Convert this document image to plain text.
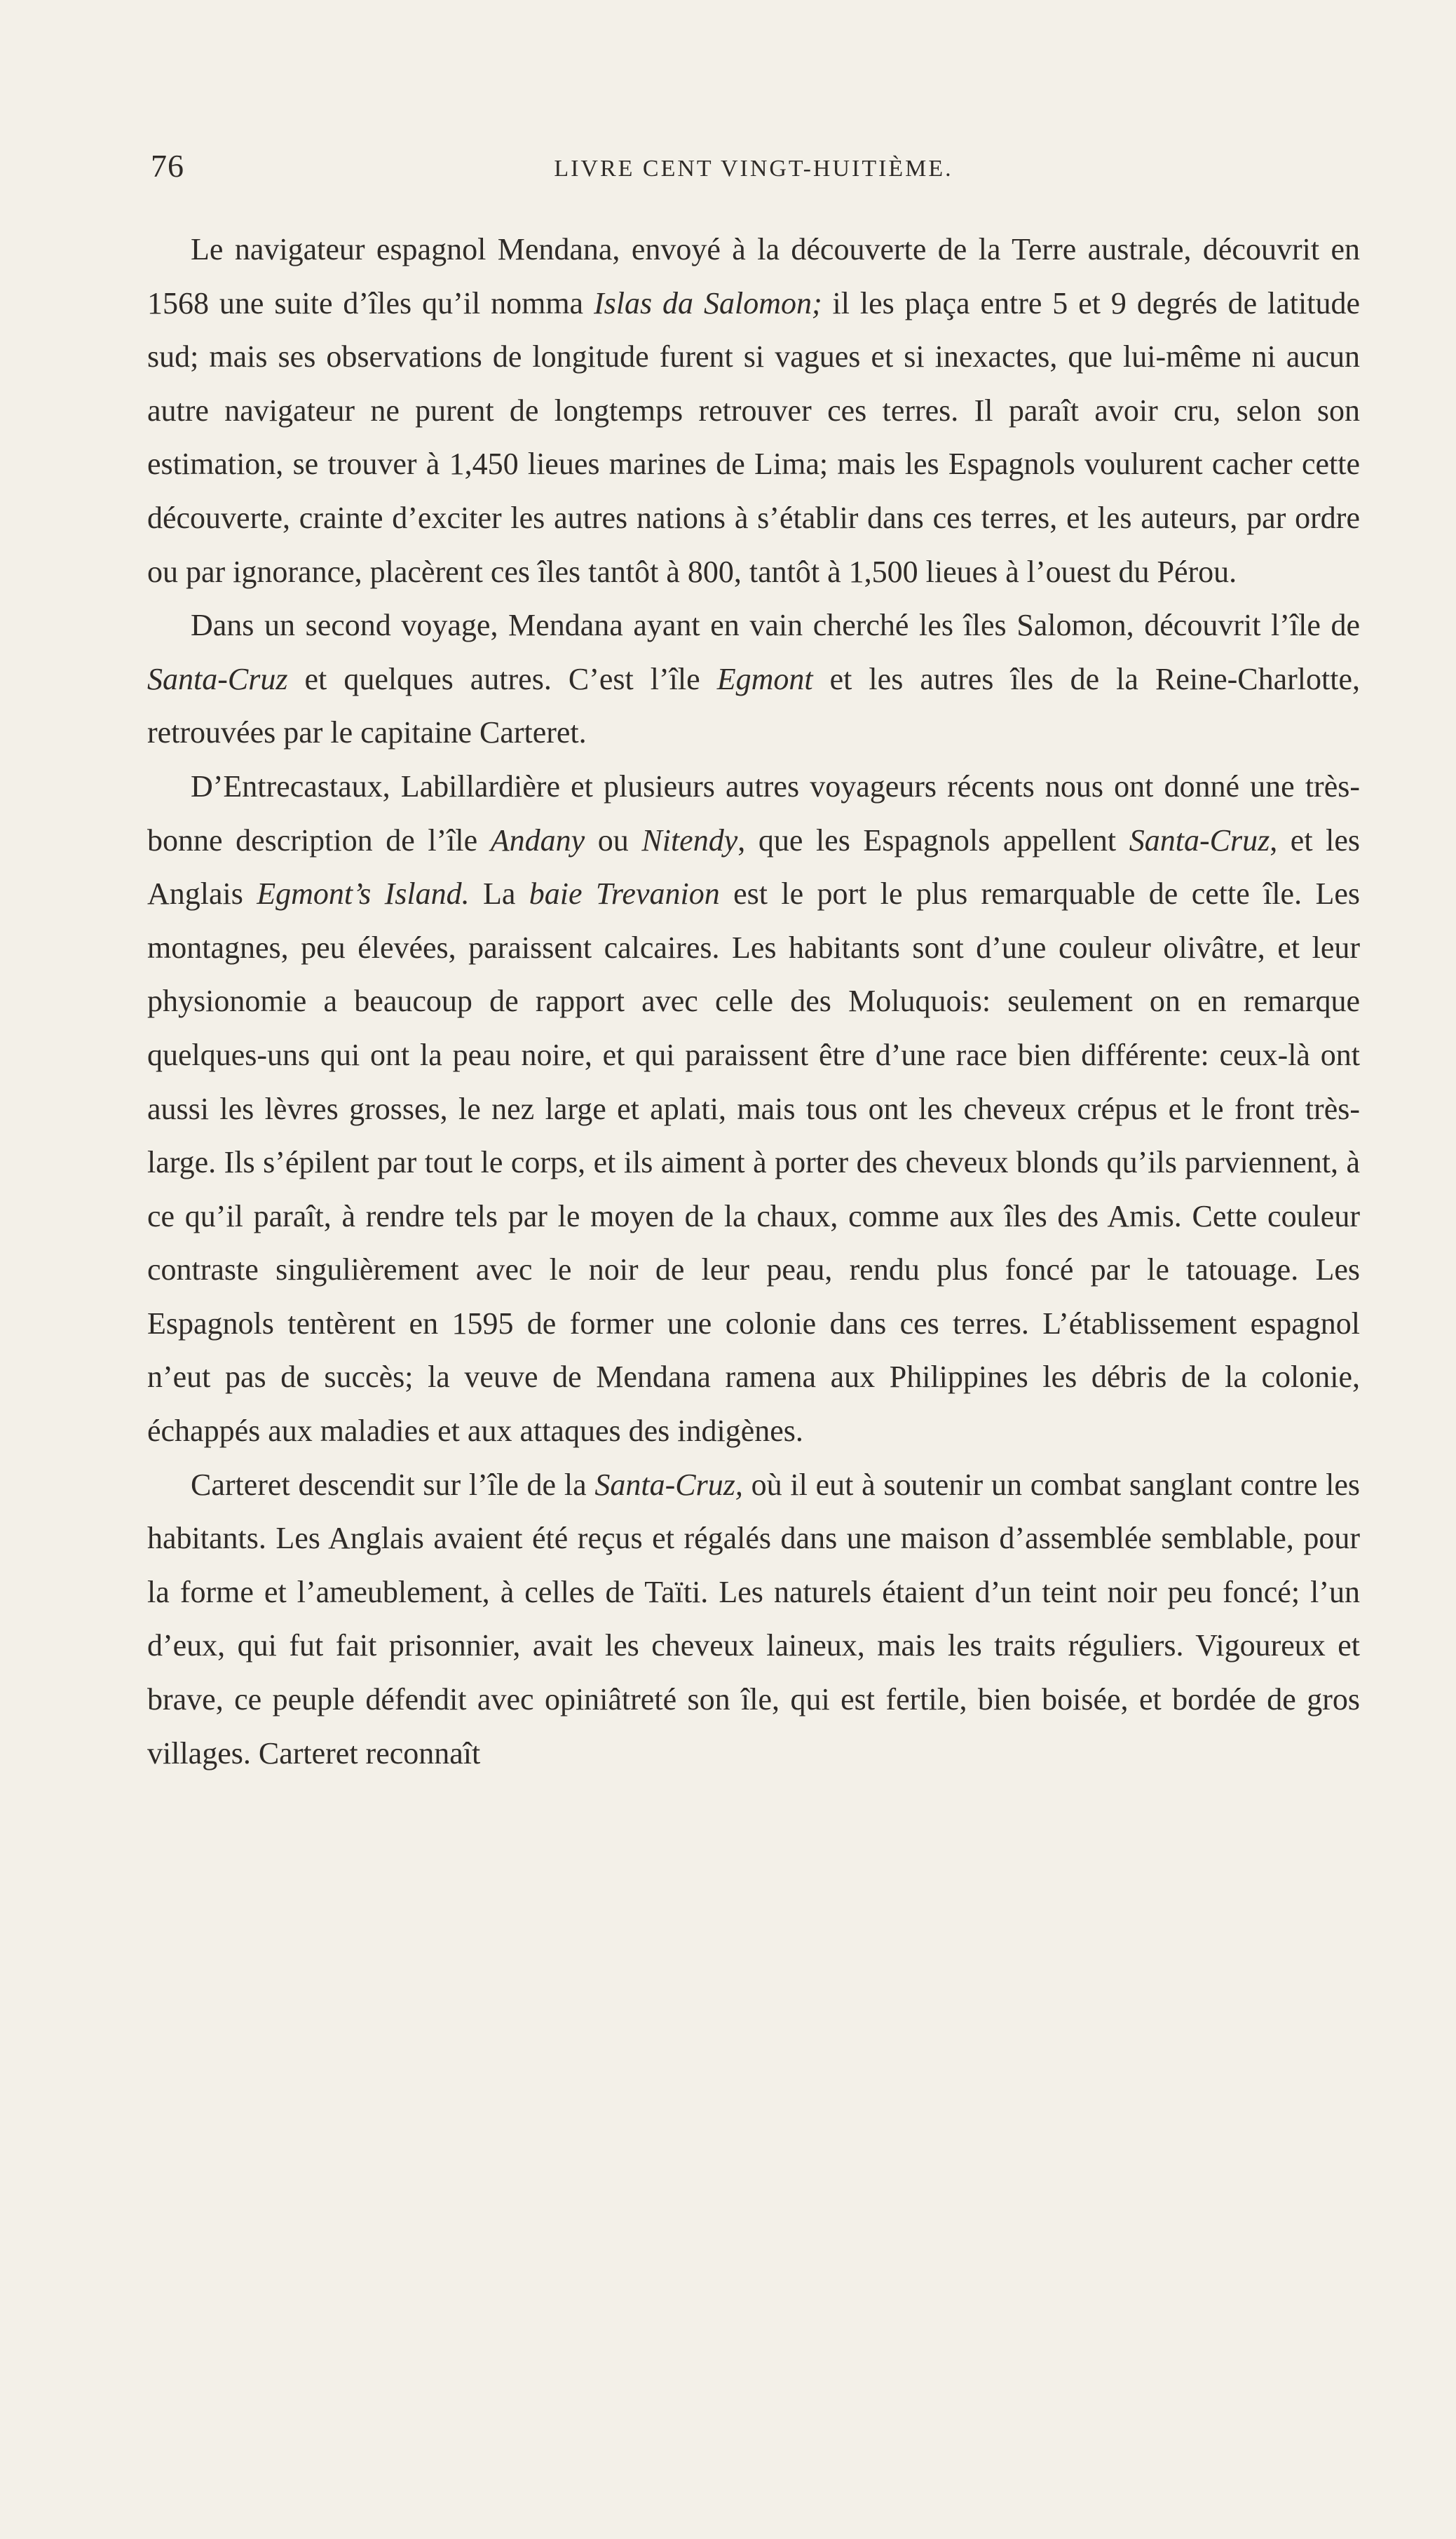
76	LIVRE CENT VINGT-HUITIÈME.

Le navigateur espagnol Mendana, envoyé à la découverte de la Terre australe, découvrit en 1568 une suite d’îles qu’il nomma Islas da Salomon; il les plaça entre 5 et 9 degrés de latitude sud; mais ses observations de longitude furent si vagues et si inexactes, que lui-même ni aucun autre navigateur ne purent de longtemps retrouver ces terres. Il paraît avoir cru, selon son estimation, se trouver à 1,450 lieues marines de Lima; mais les Espagnols voulurent cacher cette découverte, crainte d’exciter les autres nations à s’établir dans ces terres, et les auteurs, par ordre ou par ignorance, placèrent ces îles tantôt à 800, tantôt à 1,500 lieues à l’ouest du Pérou.

Dans un second voyage, Mendana ayant en vain cherché les îles Salomon, découvrit l’île de Santa-Cruz et quelques autres. C’est l’île Egmont et les autres îles de la Reine-Charlotte, retrouvées par le capitaine Carteret.

D’Entrecastaux, Labillardière et plusieurs autres voyageurs récents nous ont donné une très-bonne description de l’île Andany ou Nitendy, que les Espagnols appellent Santa-Cruz, et les Anglais Egmont’s Island. La baie Trevanion est le port le plus remarquable de cette île. Les montagnes, peu élevées, paraissent calcaires. Les habitants sont d’une couleur olivâtre, et leur physionomie a beaucoup de rapport avec celle des Moluquois: seulement on en remarque quelques-uns qui ont la peau noire, et qui paraissent être d’une race bien différente: ceux-là ont aussi les lèvres grosses, le nez large et aplati, mais tous ont les cheveux crépus et le front très-large. Ils s’épilent par tout le corps, et ils aiment à porter des cheveux blonds qu’ils parviennent, à ce qu’il paraît, à rendre tels par le moyen de la chaux, comme aux îles des Amis. Cette couleur contraste singulièrement avec le noir de leur peau, rendu plus foncé par le tatouage. Les Espagnols tentèrent en 1595 de former une colonie dans ces terres. L’établissement espagnol n’eut pas de succès; la veuve de Mendana ramena aux Philippines les débris de la colonie, échappés aux maladies et aux attaques des indigènes.

Carteret descendit sur l’île de la Santa-Cruz, où il eut à soutenir un combat sanglant contre les habitants. Les Anglais avaient été reçus et régalés dans une maison d’assemblée semblable, pour la forme et l’ameublement, à celles de Taïti. Les naturels étaient d’un teint noir peu foncé; l’un d’eux, qui fut fait prisonnier, avait les cheveux laineux, mais les traits réguliers. Vigoureux et brave, ce peuple défendit avec opiniâtreté son île, qui est fertile, bien boisée, et bordée de gros villages. Carteret reconnaît
